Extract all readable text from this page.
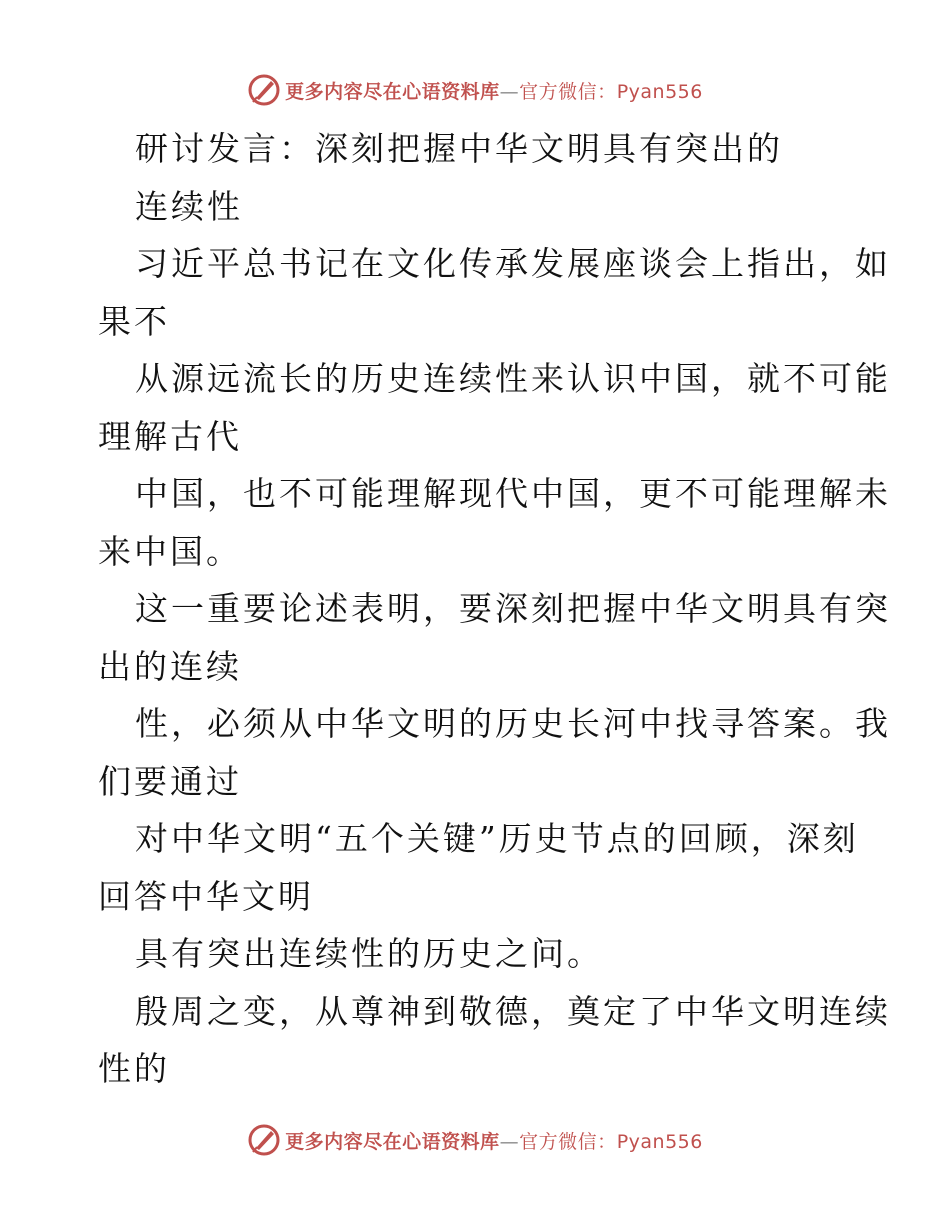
更多内容尽在心语资料库—官方微信：Pyan556
研讨发言：深刻把握中华文明具有突出的
连续性
习近平总书记在文化传承发展座谈会上指出，如
果不
从源远流长的历史连续性来认识中国，就不可能
理解古代
中国，也不可能理解现代中国，更不可能理解未
来中国。
这一重要论述表明，要深刻把握中华文明具有突
出的连续
性，必须从中华文明的历史长河中找寻答案。我
们要通过
对中华文明“五个关键”历史节点的回顾，深刻
回答中华文明
具有突出连续性的历史之问。
殷周之变，从尊神到敬德，奠定了中华文明连续
性的
更多内容尽在心语资料库—官方微信：Pyan556
